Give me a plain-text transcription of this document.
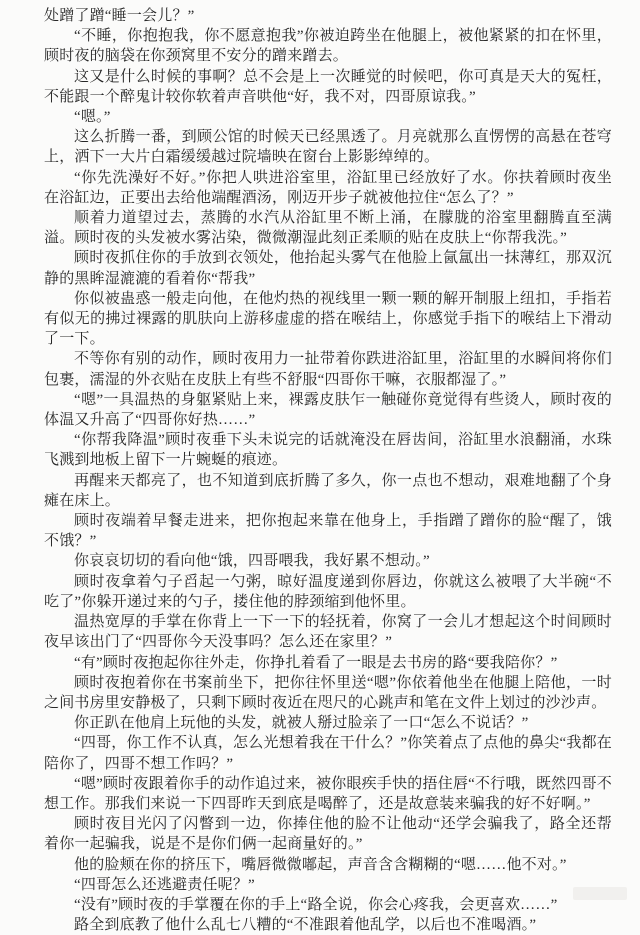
处蹭了蹭“睡一会儿？”

“不睡，你抱抱我，你不愿意抱我”你被迫跨坐在他腿上，被他紧紧的扣在怀里，顾时夜的脑袋在你颈窝里不安分的蹭来蹭去。

这又是什么时候的事啊？总不会是上一次睡觉的时候吧，你可真是天大的冤枉，不能跟一个醉鬼计较你软着声音哄他“好，我不对，四哥原谅我。”

“嗯。”

这么折腾一番，到顾公馆的时候天已经黑透了。月亮就那么直愣愣的高悬在苍穹上，洒下一大片白霜缓缓越过院墙映在窗台上影影绰绰的。

“你先洗澡好不好。”你把人哄进浴室里，浴缸里已经放好了水。你扶着顾时夜坐在浴缸边，正要出去给他端醒酒汤，刚迈开步子就被他拉住“怎么了？”

顺着力道望过去，蒸腾的水汽从浴缸里不断上涌，在朦胧的浴室里翻腾直至满溢。顾时夜的头发被水雾沾染，微微潮湿此刻正柔顺的贴在皮肤上“你帮我洗。”

顾时夜抓住你的手放到衣领处，他抬起头雾气在他脸上氤氲出一抹薄红，那双沉静的黑眸湿漉漉的看着你“帮我”

你似被蛊惑一般走向他，在他灼热的视线里一颗一颗的解开制服上纽扣，手指若有似无的拂过裸露的肌肤向上游移虚虚的搭在喉结上，你感觉手指下的喉结上下滑动了一下。

不等你有别的动作，顾时夜用力一扯带着你跌进浴缸里，浴缸里的水瞬间将你们包裹，濡湿的外衣贴在皮肤上有些不舒服“四哥你干嘛，衣服都湿了。”

“嗯”一具温热的身躯紧贴上来，裸露皮肤乍一触碰你竟觉得有些烫人，顾时夜的体温又升高了“四哥你好热……”

“你帮我降温”顾时夜垂下头未说完的话就淹没在唇齿间，浴缸里水浪翻涌，水珠飞溅到地板上留下一片蜿蜒的痕迹。

再醒来天都亮了，也不知道到底折腾了多久，你一点也不想动，艰难地翻了个身瘫在床上。

顾时夜端着早餐走进来，把你抱起来靠在他身上，手指蹭了蹭你的脸“醒了，饿不饿？”

你哀哀切切的看向他“饿，四哥喂我，我好累不想动。”

顾时夜拿着勺子舀起一勺粥，晾好温度递到你唇边，你就这么被喂了大半碗“不吃了”你躲开递过来的勺子，搂住他的脖颈缩到他怀里。

温热宽厚的手掌在你背上一下一下的轻抚着，你窝了一会儿才想起这个时间顾时夜早该出门了“四哥你今天没事吗？怎么还在家里？”

“有”顾时夜抱起你往外走，你挣扎着看了一眼是去书房的路“要我陪你？”

顾时夜抱着你在书案前坐下，把你往怀里送“嗯”你依着他坐在他腿上陪他，一时之间书房里安静极了，只剩下顾时夜近在咫尺的心跳声和笔在文件上划过的沙沙声。

你正趴在他肩上玩他的头发，就被人掰过脸亲了一口“怎么不说话？”

“四哥，你工作不认真，怎么光想着我在干什么？”你笑着点了点他的鼻尖“我都在陪你了，四哥不想工作吗？”

“嗯”顾时夜跟着你手的动作追过来，被你眼疾手快的捂住唇“不行哦，既然四哥不想工作。那我们来说一下四哥昨天到底是喝醉了，还是故意装来骗我的好不好啊。”

顾时夜目光闪了闪瞥到一边，你捧住他的脸不让他动“还学会骗我了，路全还帮着你一起骗我，说是不是你们俩一起商量好的。”

他的脸颊在你的挤压下，嘴唇微微嘟起，声音含含糊糊的“嗯……他不对。”

“四哥怎么还逃避责任呢？”

“没有”顾时夜的手掌覆在你的手上“路全说，你会心疼我，会更喜欢……”

路全到底教了他什么乱七八糟的“不准跟着他乱学，以后也不准喝酒。”
